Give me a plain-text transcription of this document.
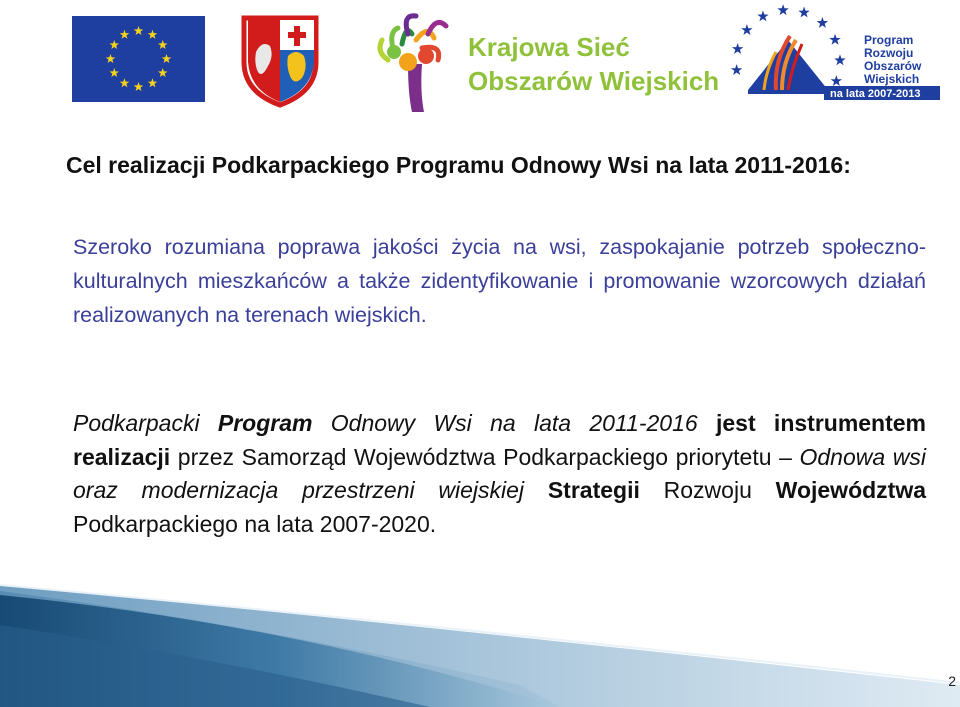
Krajowa Sieć
Obszarów Wiejskich
Program
Rozwoju
Obszarów
Wiejskich
na lata 2007-2013

Cel realizacji Podkarpackiego Programu Odnowy Wsi na lata 2011-2016:

Szeroko rozumiana poprawa jakości życia na wsi, zaspokajanie potrzeb społeczno-kulturalnych mieszkańców a także zidentyfikowanie i promowanie wzorcowych działań realizowanych na terenach wiejskich.

Podkarpacki Program Odnowy Wsi na lata 2011-2016 jest instrumentem realizacji przez Samorząd Województwa Podkarpackiego priorytetu – Odnowa wsi oraz modernizacja przestrzeni wiejskiej Strategii Rozwoju Województwa Podkarpackiego na lata 2007-2020.

2
